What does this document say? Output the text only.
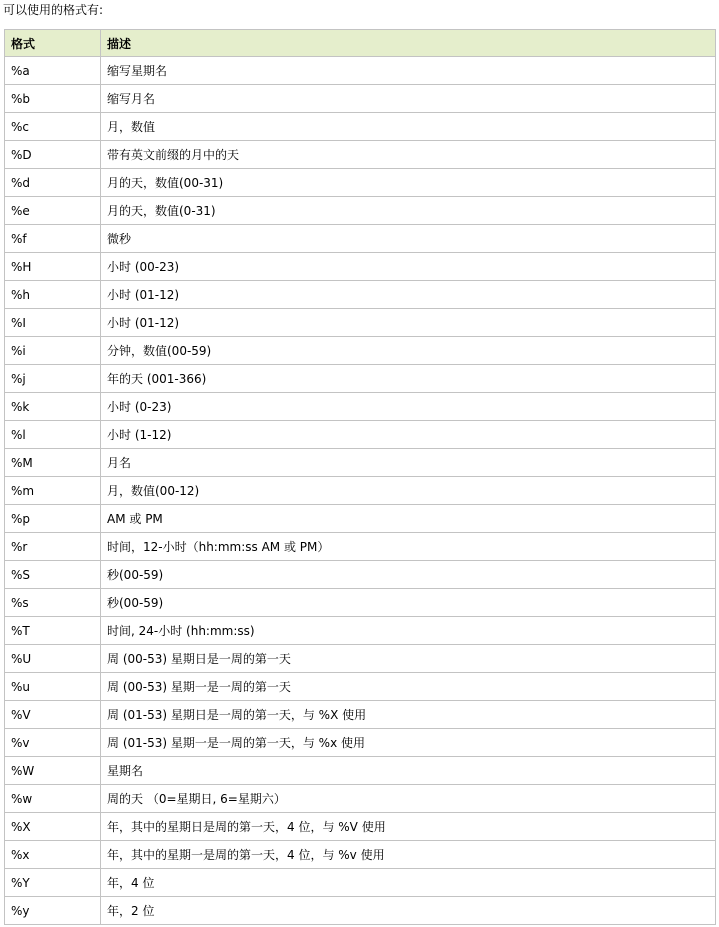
可以使用的格式有:
格式	描述
%a	缩写星期名
%b	缩写月名
%c	月，数值
%D	带有英文前缀的月中的天
%d	月的天，数值(00-31)
%e	月的天，数值(0-31)
%f	微秒
%H	小时 (00-23)
%h	小时 (01-12)
%I	小时 (01-12)
%i	分钟，数值(00-59)
%j	年的天 (001-366)
%k	小时 (0-23)
%l	小时 (1-12)
%M	月名
%m	月，数值(00-12)
%p	AM 或 PM
%r	时间，12-小时（hh:mm:ss AM 或 PM）
%S	秒(00-59)
%s	秒(00-59)
%T	时间, 24-小时 (hh:mm:ss)
%U	周 (00-53) 星期日是一周的第一天
%u	周 (00-53) 星期一是一周的第一天
%V	周 (01-53) 星期日是一周的第一天，与 %X 使用
%v	周 (01-53) 星期一是一周的第一天，与 %x 使用
%W	星期名
%w	周的天 （0=星期日, 6=星期六）
%X	年，其中的星期日是周的第一天，4 位，与 %V 使用
%x	年，其中的星期一是周的第一天，4 位，与 %v 使用
%Y	年，4 位
%y	年，2 位
